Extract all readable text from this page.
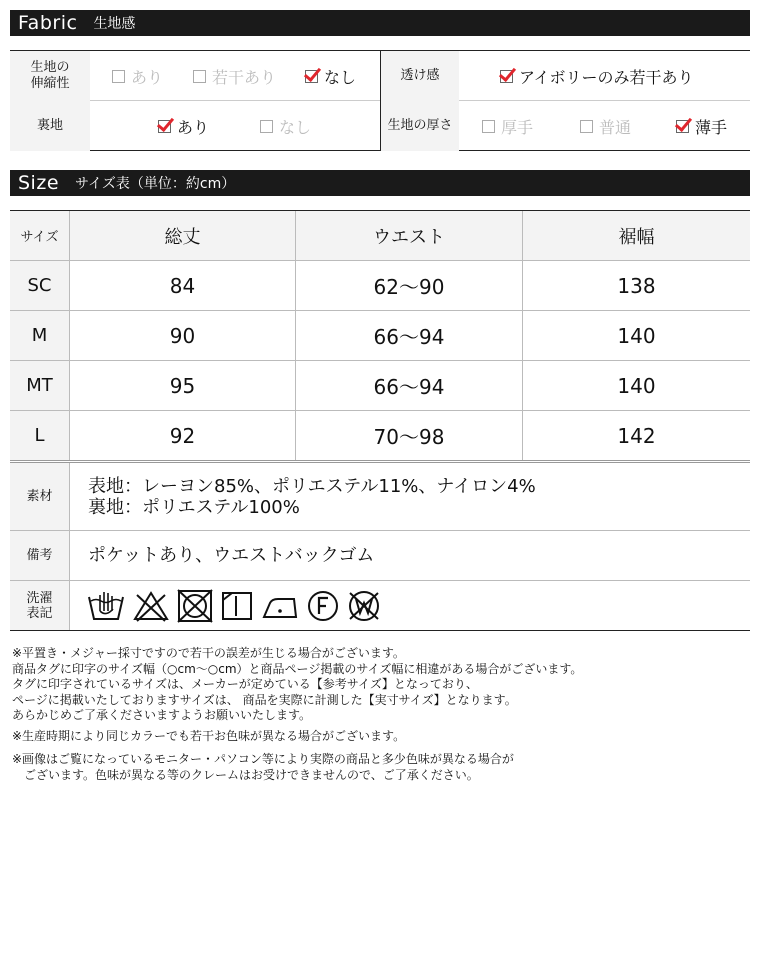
Fabric 生地感
生地の
伸縮性	あり	若干あり	なし	透け感	アイボリーのみ若干あり
裏地	あり	なし	生地の厚さ	厚手	普通	薄手
Size サイズ表（単位：約cm）
サイズ	総丈	ウエスト	裾幅
SC	84	62〜90	138
M	90	66〜94	140
MT	95	66〜94	140
L	92	70〜98	142
素材	表地：レーヨン85%、ポリエステル11%、ナイロン4%
裏地：ポリエステル100%
備考	ポケットあり、ウエストバックゴム
洗濯
表記
※平置き・メジャー採寸ですので若干の誤差が生じる場合がございます。
商品タグに印字のサイズ幅（○cm〜○cm）と商品ページ掲載のサイズ幅に相違がある場合がございます。
タグに印字されているサイズは、メーカーが定めている【参考サイズ】となっており、
ページに掲載いたしておりますサイズは、 商品を実際に計測した【実寸サイズ】となります。
あらかじめご了承くださいますようお願いいたします。
※生産時期により同じカラーでも若干お色味が異なる場合がございます。
※画像はご覧になっているモニター・パソコン等により実際の商品と多少色味が異なる場合が
　ございます。色味が異なる等のクレームはお受けできませんので、ご了承ください。
